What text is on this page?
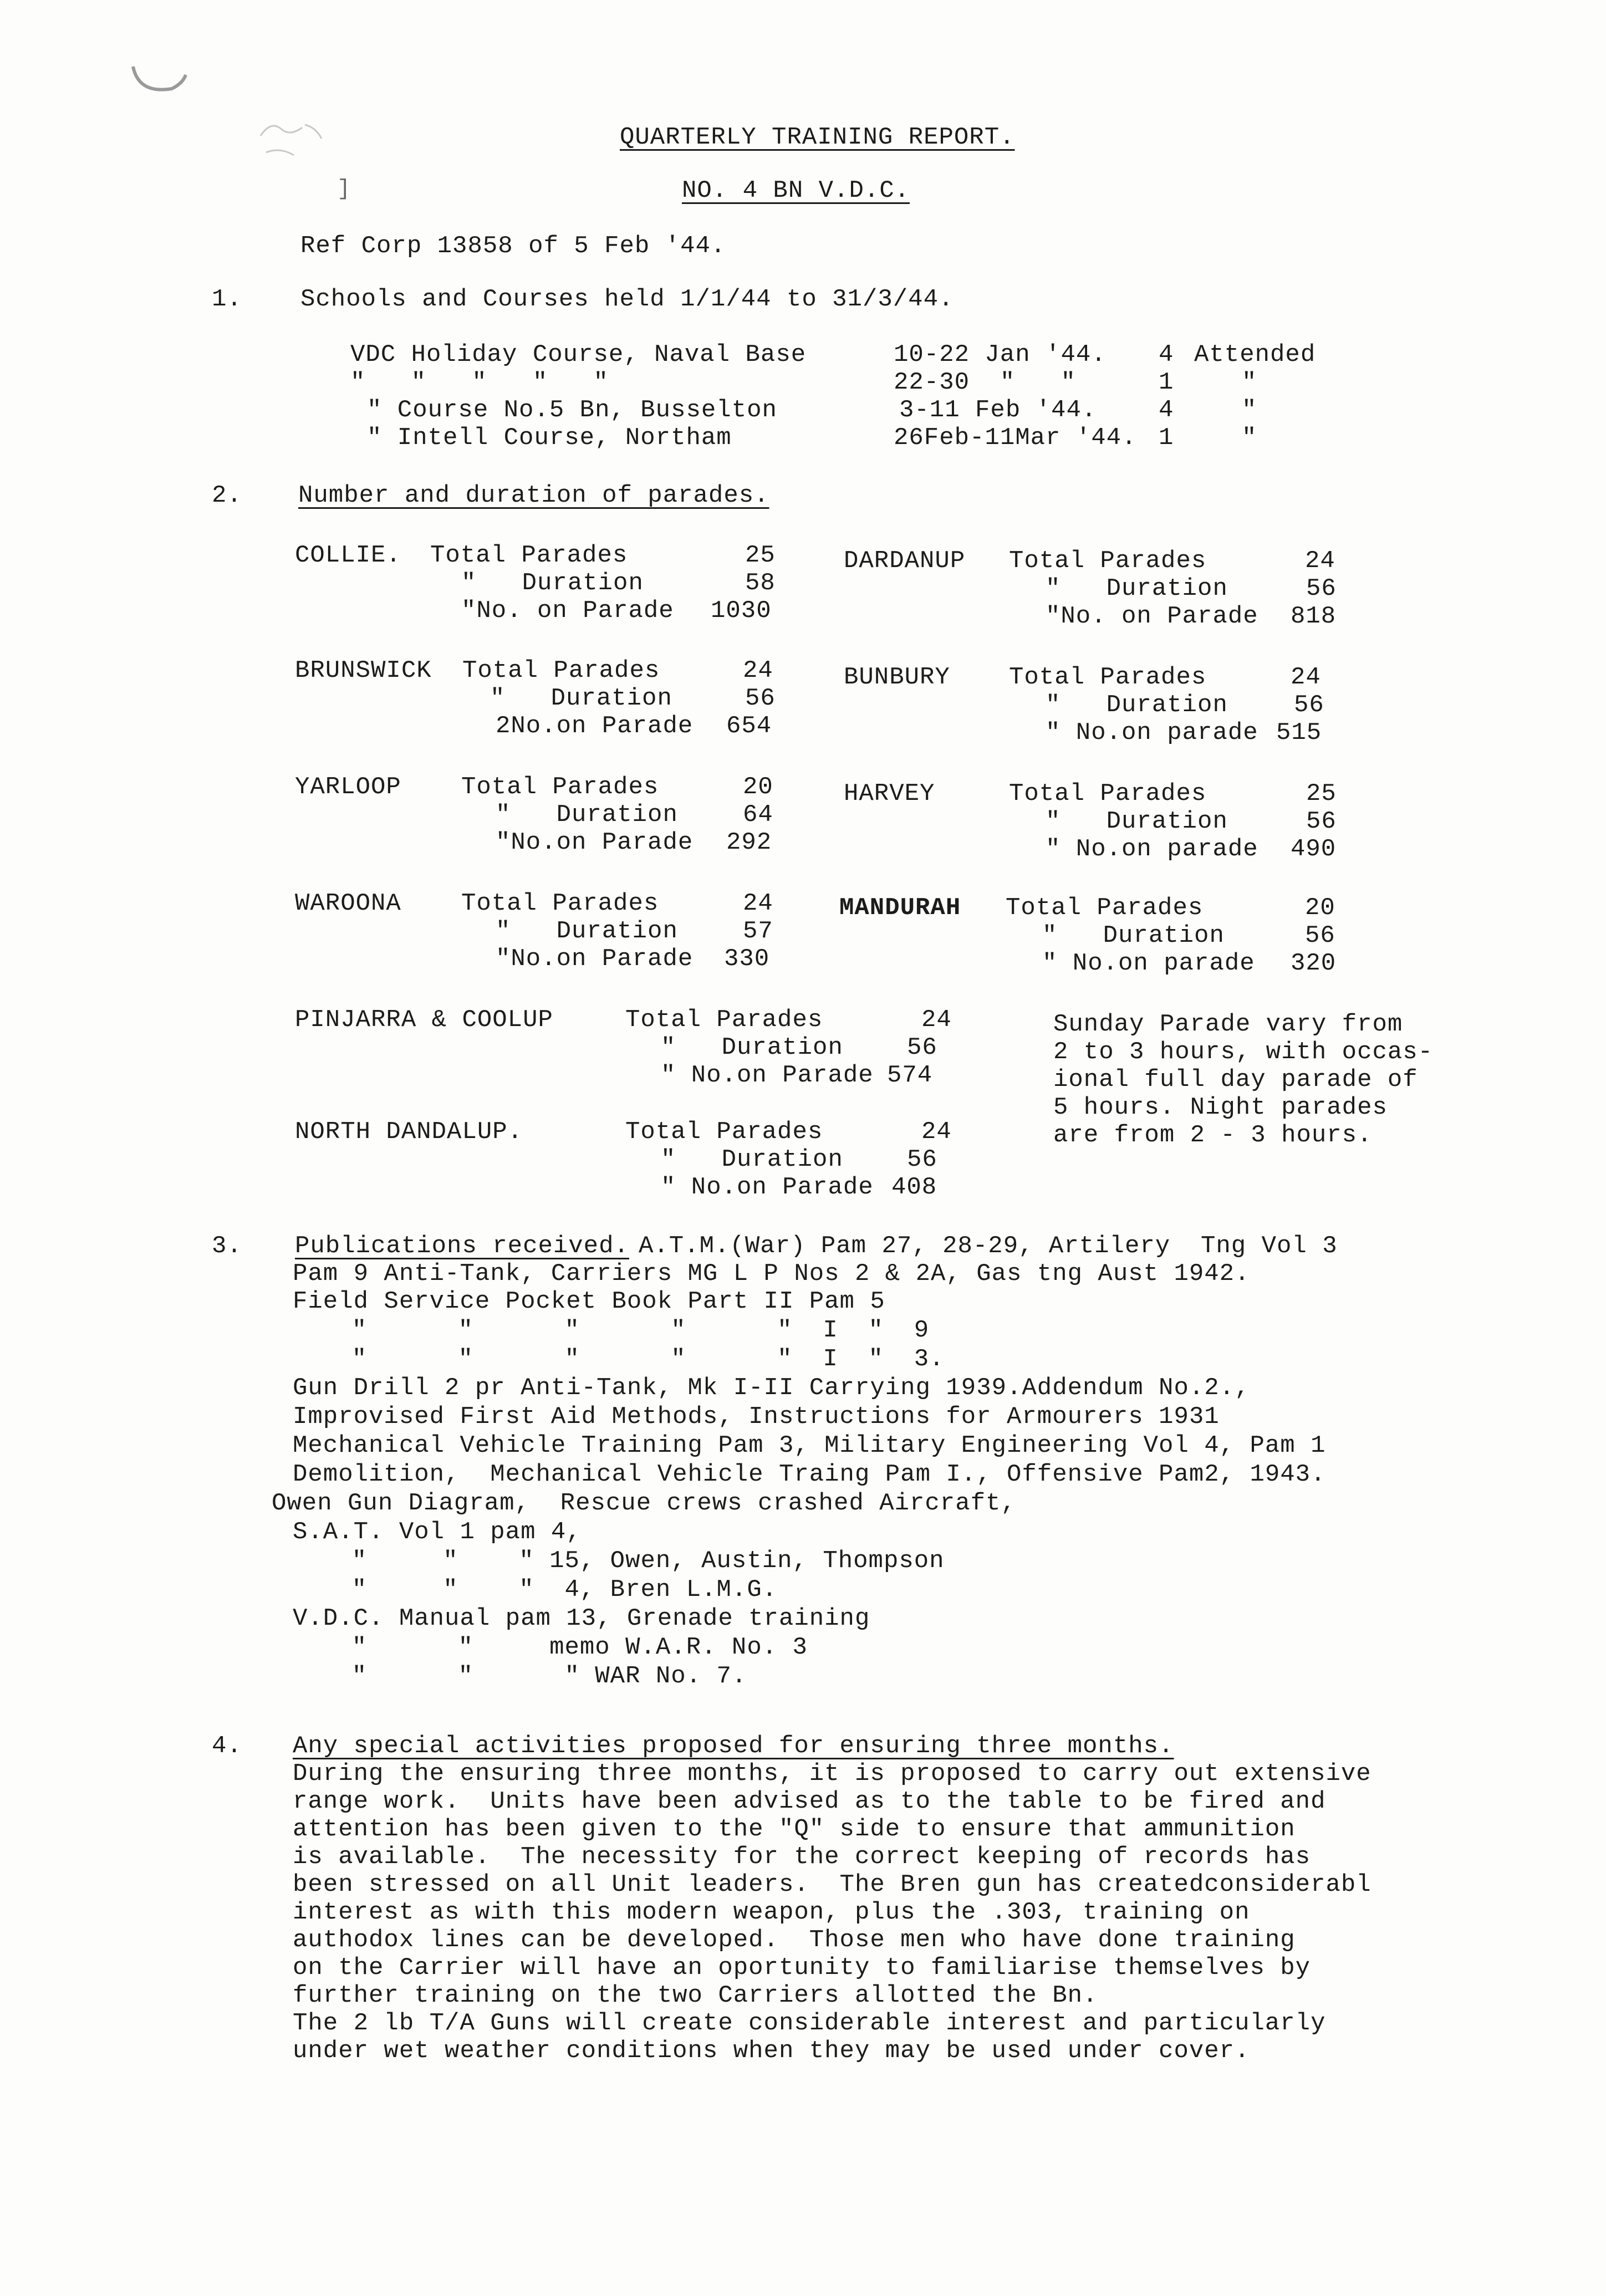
]
QUARTERLY TRAINING REPORT.
NO. 4 BN V.D.C.
Ref Corp 13858 of 5 Feb '44.
1. Schools and Courses held 1/1/44 to 31/3/44.
VDC Holiday Course, Naval Base	10-22 Jan '44. 4 Attended
"   "   "   "   "	22-30  "   "	1	"
" Course No.5 Bn, Busselton	3-11 Feb '44.	4	"
" Intell Course, Northam	26Feb-11Mar '44. 1	"
2. Number and duration of parades.
COLLIE. Total Parades	25
"   Duration	58
"No. on Parade 1030
BRUNSWICK Total Parades	24
"   Duration	56
2No.on Parade 654
YARLOOP Total Parades	20
"   Duration	64
"No.on Parade 292
WAROONA Total Parades	24
"   Duration	57
"No.on Parade 330
PINJARRA & COOLUP	Total Parades	24
"   Duration	56
" No.on Parade 574
NORTH DANDALUP.	Total Parades	24
"   Duration	56
" No.on Parade 408
DARDANUP Total Parades	24
"   Duration	56
"No. on Parade 818
BUNBURY Total Parades	24
"   Duration	56
" No.on parade 515
HARVEY	Total Parades	25
"   Duration	56
" No.on parade 490
MANDURAH Total Parades	20
"   Duration	56
" No.on parade 320
Sunday Parade vary from
2 to 3 hours, with occas-
ional full day parade of
5 hours. Night parades
are from 2 - 3 hours.
3. Publications received. A.T.M.(War) Pam 27, 28-29, Artilery  Tng Vol 3
Pam 9 Anti-Tank, Carriers MG L P Nos 2 & 2A, Gas tng Aust 1942.
Field Service Pocket Book Part II Pam 5
"      "      "      "      "  I  "  9
"      "      "      "      "  I  "  3.
Gun Drill 2 pr Anti-Tank, Mk I-II Carrying 1939.Addendum No.2.,
Improvised First Aid Methods, Instructions for Armourers 1931
Mechanical Vehicle Training Pam 3, Military Engineering Vol 4, Pam 1
Demolition,  Mechanical Vehicle Traing Pam I., Offensive Pam2, 1943.
Owen Gun Diagram,  Rescue crews crashed Aircraft,
S.A.T. Vol 1 pam 4,
"     "    " 15, Owen, Austin, Thompson
"     "    "  4, Bren L.M.G.
V.D.C. Manual pam 13, Grenade training
"      "     memo W.A.R. No. 3
"      "      " WAR No. 7.
4. Any special activities proposed for ensuring three months.
During the ensuring three months, it is proposed to carry out extensive
range work.  Units have been advised as to the table to be fired and
attention has been given to the "Q" side to ensure that ammunition
is available.  The necessity for the correct keeping of records has
been stressed on all Unit leaders.  The Bren gun has createdconsiderabl
interest as with this modern weapon, plus the .303, training on
authodox lines can be developed.  Those men who have done training
on the Carrier will have an oportunity to familiarise themselves by
further training on the two Carriers allotted the Bn.
The 2 lb T/A Guns will create considerable interest and particularly
under wet weather conditions when they may be used under cover.
